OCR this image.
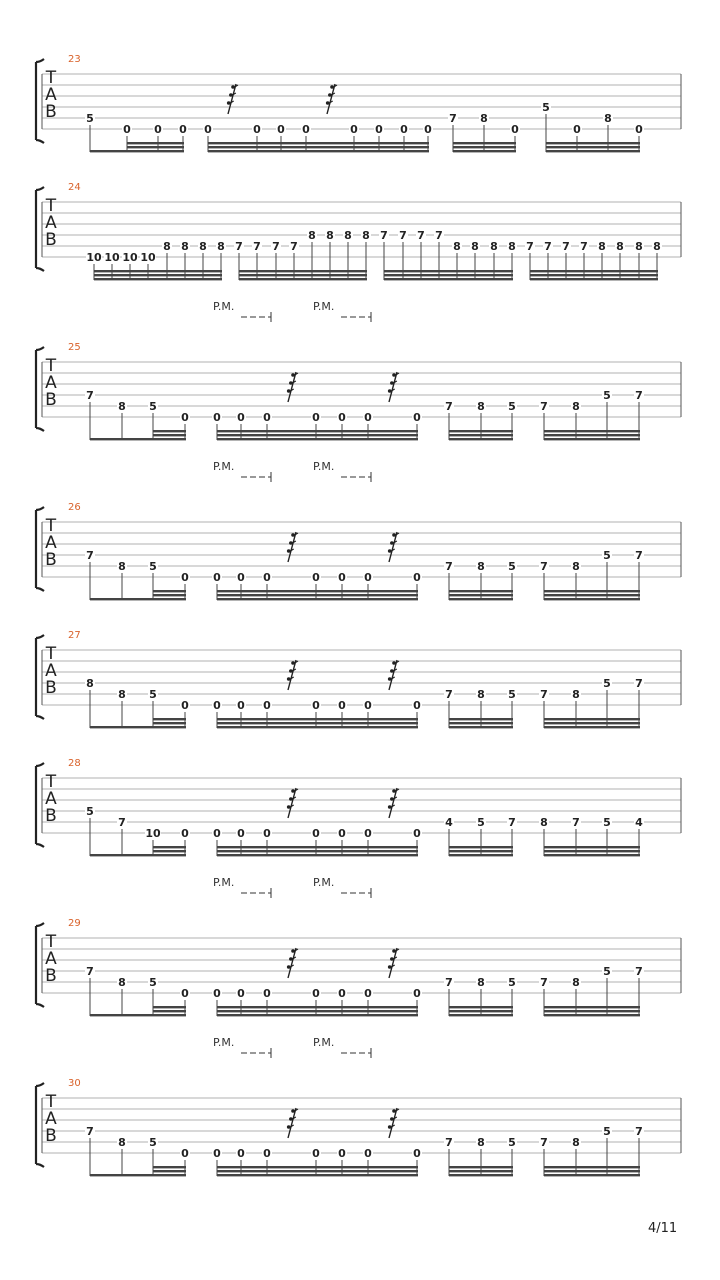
23
T
A
B	5
0 0 0 0	0 0 0	0 0 0 0
7 8
0
5
0
8
0
24
T
A
B
10 10 10 10
8 8 8 8 7 7 7 7
8 8 8 8 7 7 7 7
8 8 8 8 7 7 7 7 8 8 8 8
25
T
A
B	7
8 5
0 0 0 0	0 0 0	0
7 8 5 7 8
5 7
P.M.	P.M.
26
T
A
B	7
8 5
0 0 0 0	0 0 0	0
7 8 5 7 8
5 7
P.M.	P.M.
27
T
A
B	8
8 5
0 0 0 0	0 0 0	0
7 8 5 7 8
5 7
28
T
A
B	5
7
10 0 0 0 0	0 0 0	0
4 5 7 8 7 5 4
29
T
A
B	7
8 5
0 0 0 0	0 0 0	0
7 8 5 7 8
5 7
P.M.	P.M.
30
T
A
B	7
8 5
0 0 0 0	0 0 0	0
7 8 5 7 8
5 7
P.M.	P.M.
4/11
